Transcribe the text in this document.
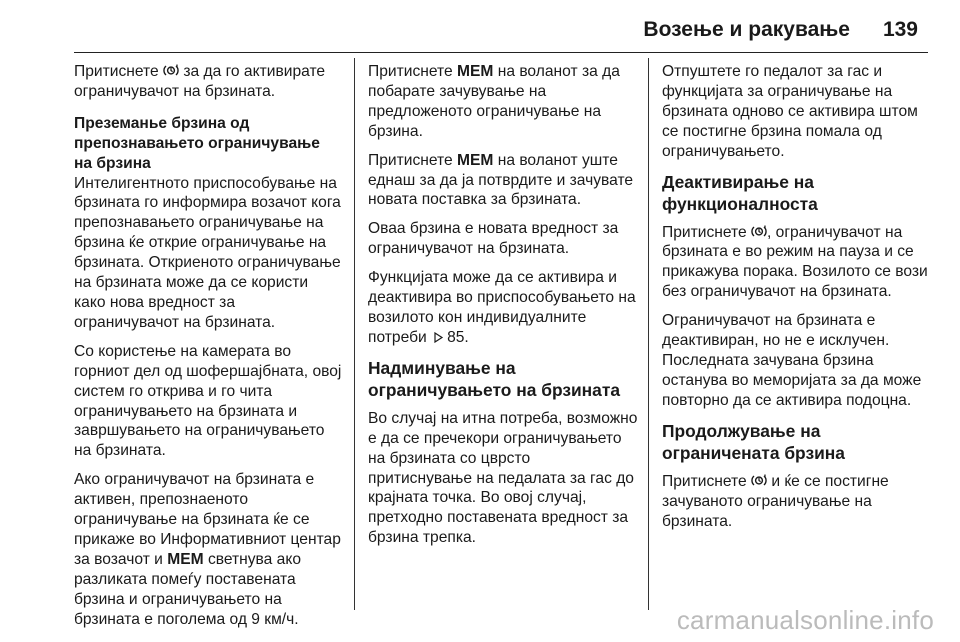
Возење и ракување 139

Притиснете  за да го активирате ограничувачот на брзината.

Преземанье брзина од препознавањето ограничување на брзина

Интелигентното приспособување на брзината го информира возачот кога препознавањето ограничување на брзина ќе открие ограничување на брзината. Откриеното ограничување на брзината може да се користи како нова вредност за ограничувачот на брзината.

Со користење на камерата во горниот дел од шофершајбната, овој систем го открива и го чита ограничувањето на брзината и завршувањето на ограничувањето на брзината.

Ако ограничувачот на брзината е активен, препознаеното ограничување на брзината ќе се прикаже во Информативниот центар за возачот и MEM светнува ако разликата помеѓу поставената брзина и ограничувањето на брзината е поголема од 9 км/ч.

Притиснете MEM на воланот за да побарате зачувување на предложеното ограничување на брзина.

Притиснете MEM на воланот уште еднаш за да ја потврдите и зачувате новата поставка за брзината.

Оваа брзина е новата вредност за ограничувачот на брзината.

Функцијата може да се активира и деактивира во приспособувањето на возилото кон индивидуалните потреби 85.

Надминување на ограничувањето на брзината

Во случај на итна потреба, возможно е да се пречекори ограничувањето на брзината со цврсто притиснување на педалата за гас до крајната точка. Во овој случај, претходно поставената вредност за брзина трепка.

Отпуштете го педалот за гас и функцијата за ограничување на брзината одново се активира штом се постигне брзина помала од ограничувањето.

Деактивирање на функционалноста

Притиснете , ограничувачот на брзината е во режим на пауза и се прикажува порака. Возилото се вози без ограничувачот на брзината.

Ограничувачот на брзината е деактивиран, но не е исклучен. Последната зачувана брзина останува во меморијата за да може повторно да се активира подоцна.

Продолжување на ограничената брзина

Притиснете  и ќе се постигне зачуваното ограничување на брзината.

carmanualsonline.info
